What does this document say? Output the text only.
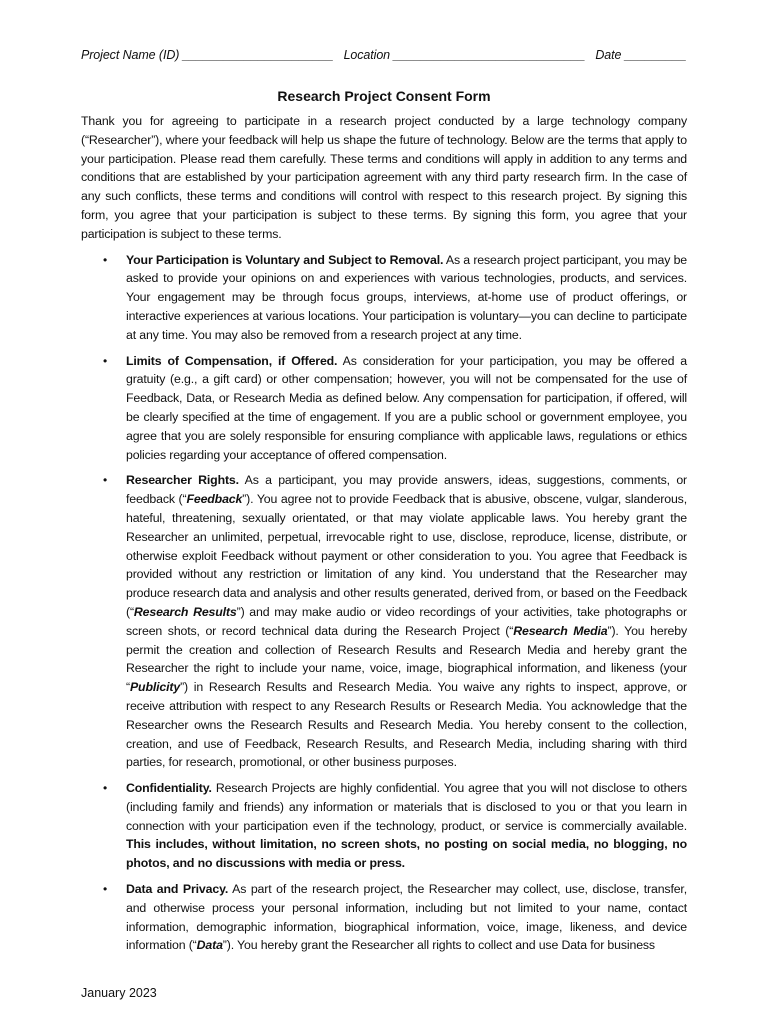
Project Name (ID) ______________________ Location ____________________________ Date _________
Research Project Consent Form

Thank you for agreeing to participate in a research project conducted by a large technology company (“Researcher”), where your feedback will help us shape the future of technology. Below are the terms that apply to your participation. Please read them carefully. These terms and conditions will apply in addition to any terms and conditions that are established by your participation agreement with any third party research firm. In the case of any such conflicts, these terms and conditions will control with respect to this research project. By signing this form, you agree that your participation is subject to these terms. By signing this form, you agree that your participation is subject to these terms.

• Your Participation is Voluntary and Subject to Removal. As a research project participant, you may be asked to provide your opinions on and experiences with various technologies, products, and services. Your engagement may be through focus groups, interviews, at-home use of product offerings, or interactive experiences at various locations. Your participation is voluntary—you can decline to participate at any time. You may also be removed from a research project at any time.
• Limits of Compensation, if Offered. As consideration for your participation, you may be offered a gratuity (e.g., a gift card) or other compensation; however, you will not be compensated for the use of Feedback, Data, or Research Media as defined below. Any compensation for participation, if offered, will be clearly specified at the time of engagement. If you are a public school or government employee, you agree that you are solely responsible for ensuring compliance with applicable laws, regulations or ethics policies regarding your acceptance of offered compensation.
• Researcher Rights. As a participant, you may provide answers, ideas, suggestions, comments, or feedback (“Feedback”). You agree not to provide Feedback that is abusive, obscene, vulgar, slanderous, hateful, threatening, sexually orientated, or that may violate applicable laws. You hereby grant the Researcher an unlimited, perpetual, irrevocable right to use, disclose, reproduce, license, distribute, or otherwise exploit Feedback without payment or other consideration to you. You agree that Feedback is provided without any restriction or limitation of any kind. You understand that the Researcher may produce research data and analysis and other results generated, derived from, or based on the Feedback (“Research Results”) and may make audio or video recordings of your activities, take photographs or screen shots, or record technical data during the Research Project (“Research Media”). You hereby permit the creation and collection of Research Results and Research Media and hereby grant the Researcher the right to include your name, voice, image, biographical information, and likeness (your “Publicity”) in Research Results and Research Media. You waive any rights to inspect, approve, or receive attribution with respect to any Research Results or Research Media. You acknowledge that the Researcher owns the Research Results and Research Media. You hereby consent to the collection, creation, and use of Feedback, Research Results, and Research Media, including sharing with third parties, for research, promotional, or other business purposes.
• Confidentiality. Research Projects are highly confidential. You agree that you will not disclose to others (including family and friends) any information or materials that is disclosed to you or that you learn in connection with your participation even if the technology, product, or service is commercially available. This includes, without limitation, no screen shots, no posting on social media, no blogging, no photos, and no discussions with media or press.
• Data and Privacy. As part of the research project, the Researcher may collect, use, disclose, transfer, and otherwise process your personal information, including but not limited to your name, contact information, demographic information, biographical information, voice, image, likeness, and device information (“Data”). You hereby grant the Researcher all rights to collect and use Data for business
January 2023
